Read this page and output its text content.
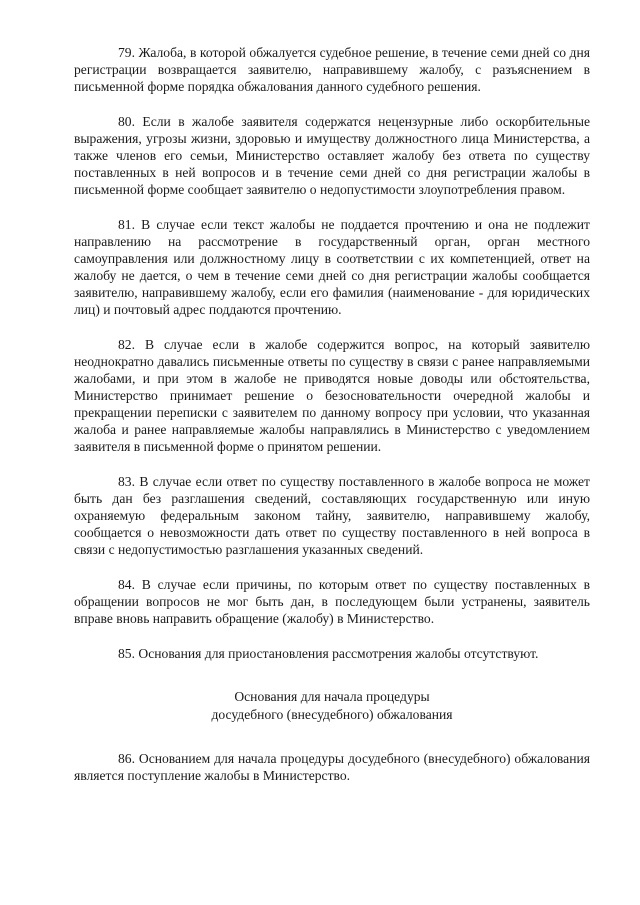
79. Жалоба, в которой обжалуется судебное решение, в течение семи дней со дня регистрации возвращается заявителю, направившему жалобу, с разъяснением в письменной форме порядка обжалования данного судебного решения.

80. Если в жалобе заявителя содержатся нецензурные либо оскорбительные выражения, угрозы жизни, здоровью и имуществу должностного лица Министерства, а также членов его семьи, Министерство оставляет жалобу без ответа по существу поставленных в ней вопросов и в течение семи дней со дня регистрации жалобы в письменной форме сообщает заявителю о недопустимости злоупотребления правом.

81. В случае если текст жалобы не поддается прочтению и она не подлежит направлению на рассмотрение в государственный орган, орган местного самоуправления или должностному лицу в соответствии с их компетенцией, ответ на жалобу не дается, о чем в течение семи дней со дня регистрации жалобы сообщается заявителю, направившему жалобу, если его фамилия (наименование - для юридических лиц) и почтовый адрес поддаются прочтению.

82. В случае если в жалобе содержится вопрос, на который заявителю неоднократно давались письменные ответы по существу в связи с ранее направляемыми жалобами, и при этом в жалобе не приводятся новые доводы или обстоятельства, Министерство принимает решение о безосновательности очередной жалобы и прекращении переписки с заявителем по данному вопросу при условии, что указанная жалоба и ранее направляемые жалобы направлялись в Министерство с уведомлением заявителя в письменной форме о принятом решении.

83. В случае если ответ по существу поставленного в жалобе вопроса не может быть дан без разглашения сведений, составляющих государственную или иную охраняемую федеральным законом тайну, заявителю, направившему жалобу, сообщается о невозможности дать ответ по существу поставленного в ней вопроса в связи с недопустимостью разглашения указанных сведений.

84. В случае если причины, по которым ответ по существу поставленных в обращении вопросов не мог быть дан, в последующем были устранены, заявитель вправе вновь направить обращение (жалобу) в Министерство.

85. Основания для приостановления рассмотрения жалобы отсутствуют.

Основания для начала процедуры
досудебного (внесудебного) обжалования

86. Основанием для начала процедуры досудебного (внесудебного) обжалования является поступление жалобы в Министерство.
